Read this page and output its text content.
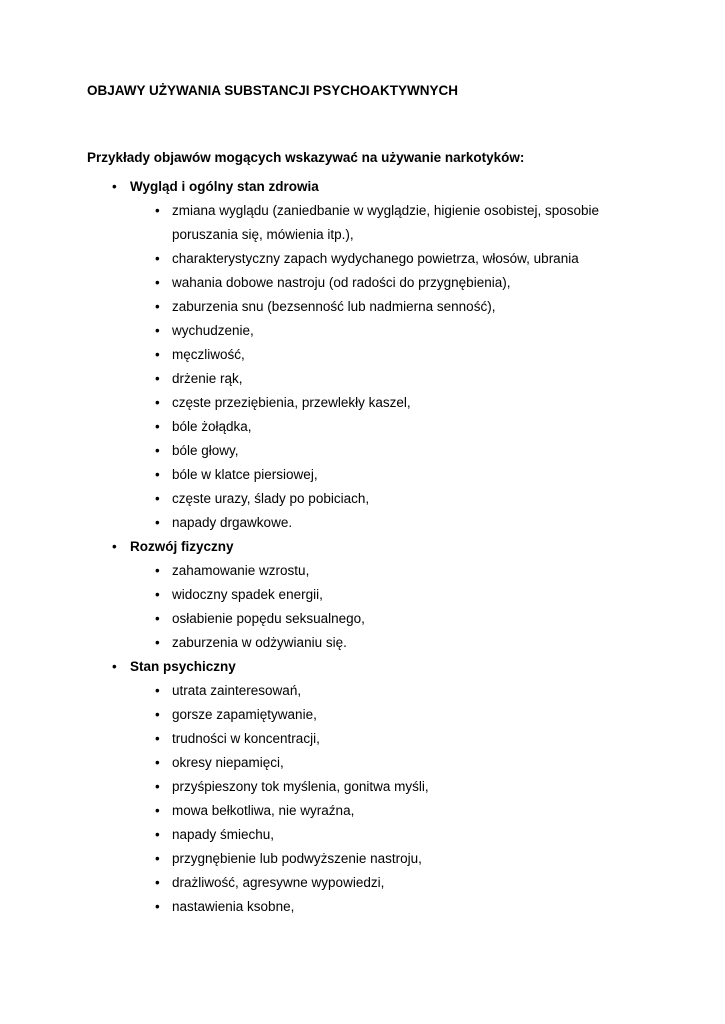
OBJAWY UŻYWANIA SUBSTANCJI PSYCHOAKTYWNYCH
Przykłady objawów mogących wskazywać na używanie narkotyków:
• Wygląd i ogólny stan zdrowia
• zmiana wyglądu (zaniedbanie w wyglądzie, higienie osobistej, sposobie poruszania się, mówienia itp.),
• charakterystyczny zapach wydychanego powietrza, włosów, ubrania
• wahania dobowe nastroju (od radości do przygnębienia),
• zaburzenia snu (bezsenność lub nadmierna senność),
• wychudzenie,
• męczliwość,
• drżenie rąk,
• częste przeziębienia, przewlekły kaszel,
• bóle żołądka,
• bóle głowy,
• bóle w klatce piersiowej,
• częste urazy, ślady po pobiciach,
• napady drgawkowe.
• Rozwój fizyczny
• zahamowanie wzrostu,
• widoczny spadek energii,
• osłabienie popędu seksualnego,
• zaburzenia w odżywianiu się.
• Stan psychiczny
• utrata zainteresowań,
• gorsze zapamiętywanie,
• trudności w koncentracji,
• okresy niepamięci,
• przyśpieszony tok myślenia, gonitwa myśli,
• mowa bełkotliwa, nie wyraźna,
• napady śmiechu,
• przygnębienie lub podwyższenie nastroju,
• drażliwość, agresywne wypowiedzi,
• nastawienia ksobne,
